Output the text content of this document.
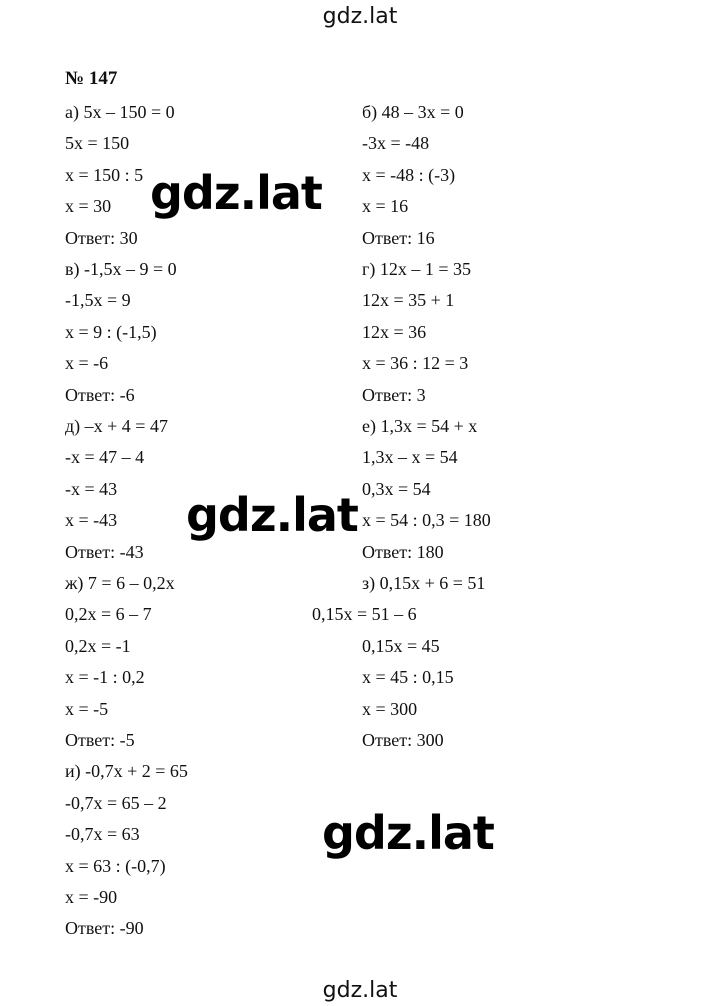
gdz.lat
№ 147
а) 5x – 150 = 0
5x = 150
x = 150 : 5
x = 30
Ответ: 30
в) -1,5x – 9 = 0
-1,5x = 9
x = 9 : (-1,5)
x = -6
Ответ: -6
д) –x + 4 = 47
-x = 47 – 4
-x = 43
x = -43
Ответ: -43
ж) 7 = 6 – 0,2x
0,2x = 6 – 7
0,2x = -1
x = -1 : 0,2
x = -5
Ответ: -5
и) -0,7x + 2 = 65
-0,7x = 65 – 2
-0,7x = 63
x = 63 : (-0,7)
x = -90
Ответ: -90
б) 48 – 3x = 0
-3x = -48
x = -48 : (-3)
x = 16
Ответ: 16
г) 12x – 1 = 35
12x = 35 + 1
12x = 36
x = 36 : 12 = 3
Ответ: 3
е) 1,3x = 54 + x
1,3x – x = 54
0,3x = 54
x = 54 : 0,3 = 180
Ответ: 180
з) 0,15x + 6 = 51
0,15x = 51 – 6
0,15x = 45
x = 45 : 0,15
x = 300
Ответ: 300
gdz.lat
gdz.lat
gdz.lat
gdz.lat
